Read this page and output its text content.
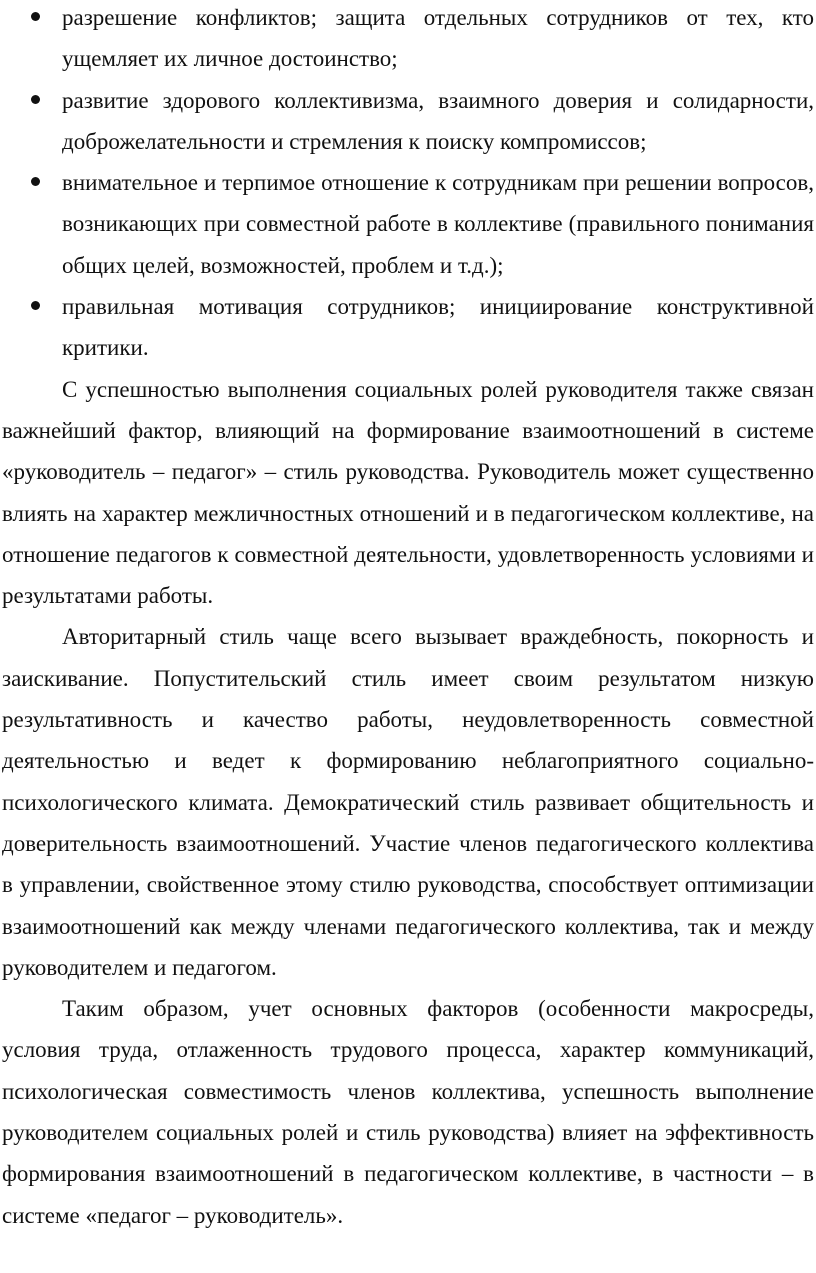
разрешение конфликтов; защита отдельных сотрудников от тех, кто ущемляет их личное достоинство;
развитие здорового коллективизма, взаимного доверия и солидарности, доброжелательности и стремления к поиску компромиссов;
внимательное и терпимое отношение к сотрудникам при решении вопросов, возникающих при совместной работе в коллективе (правильного понимания общих целей, возможностей, проблем и т.д.);
правильная мотивация сотрудников; инициирование конструктивной критики.

С успешностью выполнения социальных ролей руководителя также связан важнейший фактор, влияющий на формирование взаимоотношений в системе «руководитель – педагог» – стиль руководства. Руководитель может существенно влиять на характер межличностных отношений и в педагогическом коллективе, на отношение педагогов к совместной деятельности, удовлетворенность условиями и результатами работы.

Авторитарный стиль чаще всего вызывает враждебность, покорность и заискивание. Попустительский стиль имеет своим результатом низкую результативность и качество работы, неудовлетворенность совместной деятельностью и ведет к формированию неблагоприятного социально-психологического климата. Демократический стиль развивает общительность и доверительность взаимоотношений. Участие членов педагогического коллектива в управлении, свойственное этому стилю руководства, способствует оптимизации взаимоотношений как между членами педагогического коллектива, так и между руководителем и педагогом.

Таким образом, учет основных факторов (особенности макросреды, условия труда, отлаженность трудового процесса, характер коммуникаций, психологическая совместимость членов коллектива, успешность выполнение руководителем социальных ролей и стиль руководства) влияет на эффективность формирования взаимоотношений в педагогическом коллективе, в частности – в системе «педагог – руководитель».
